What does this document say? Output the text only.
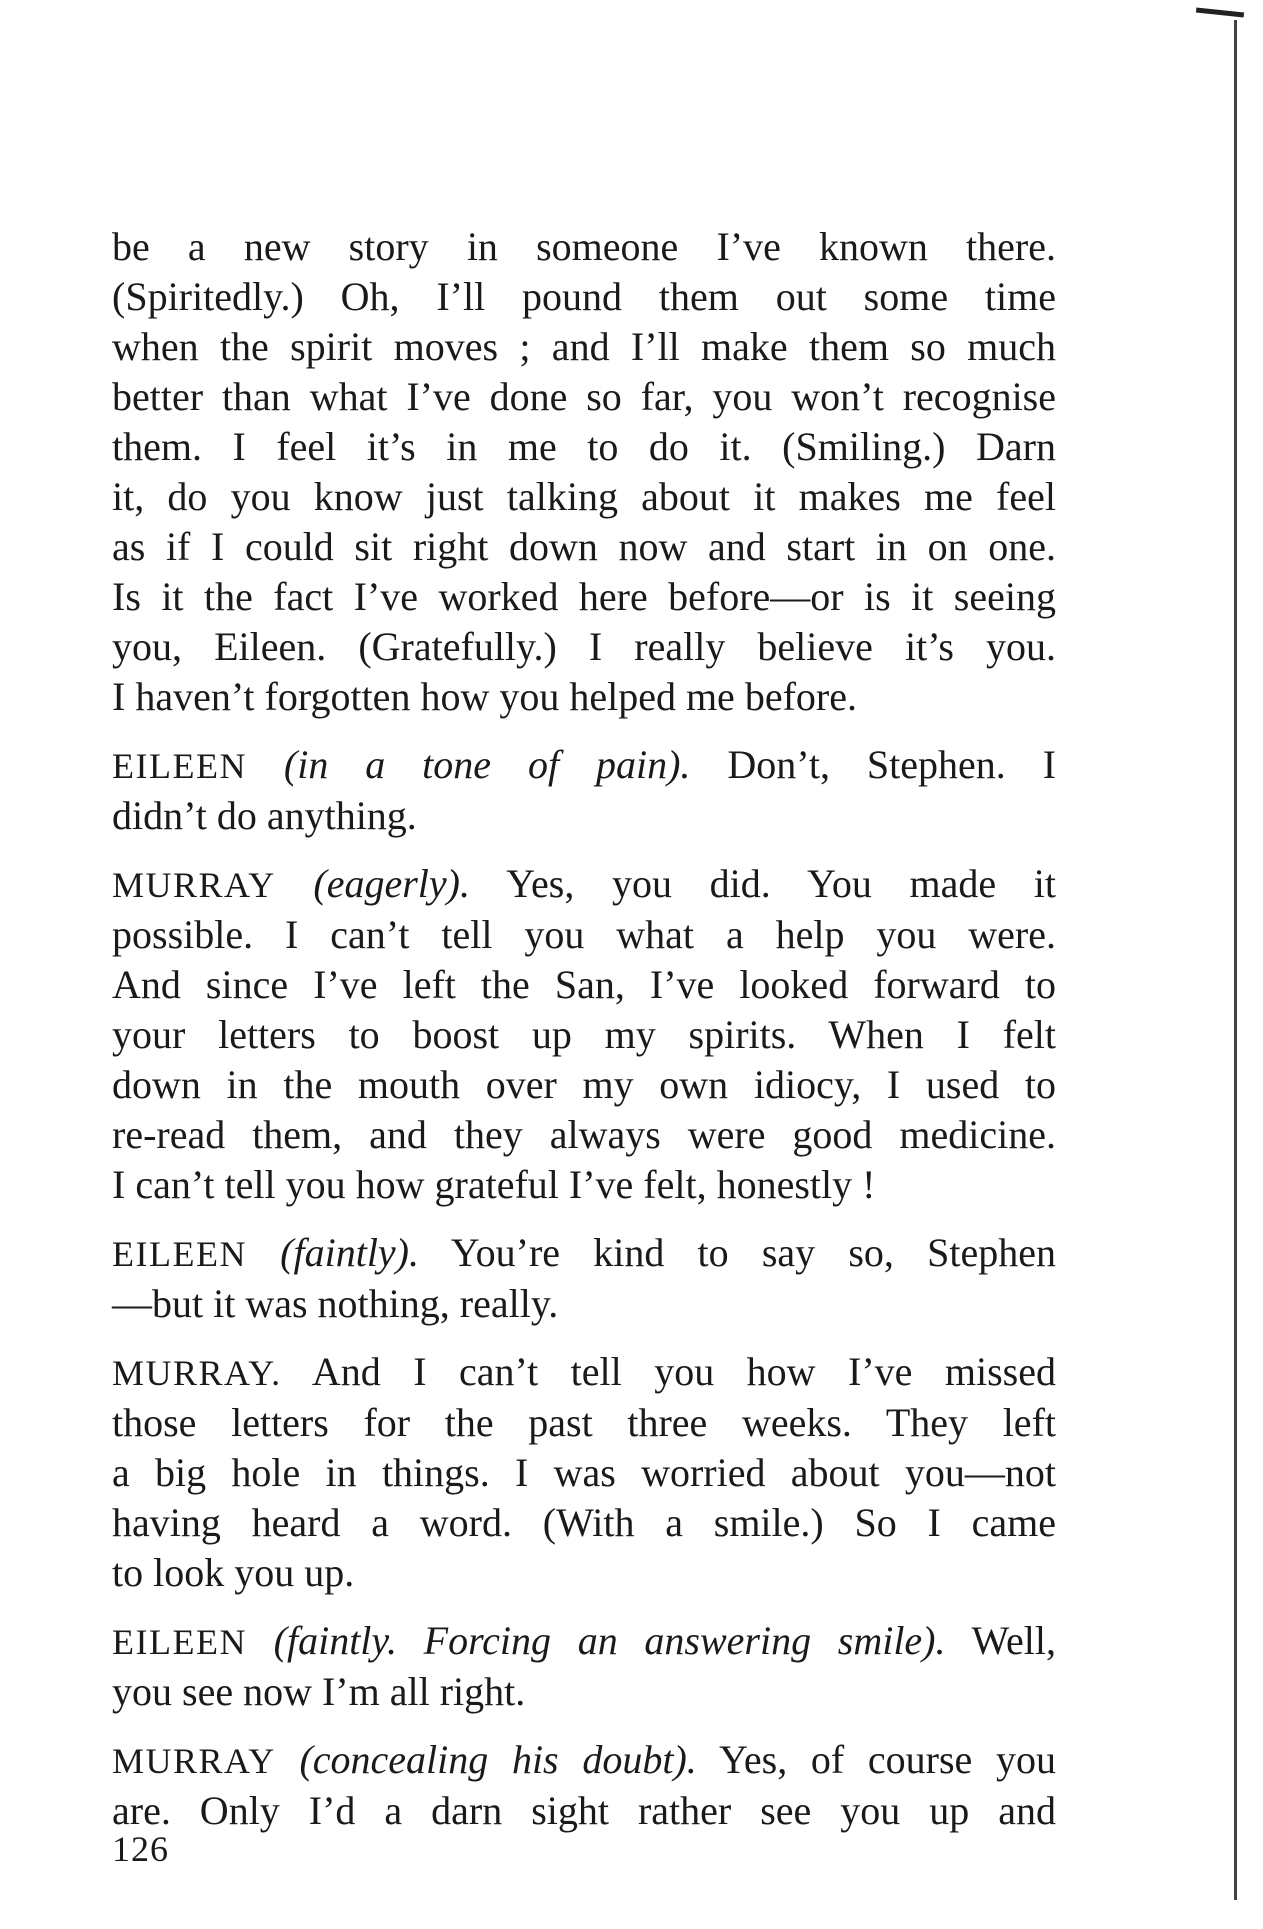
be a new story in someone I’ve known there.
(Spiritedly.) Oh, I’ll pound them out some time
when the spirit moves ; and I’ll make them so much
better than what I’ve done so far, you won’t recognise
them. I feel it’s in me to do it. (Smiling.) Darn
it, do you know just talking about it makes me feel
as if I could sit right down now and start in on one.
Is it the fact I’ve worked here before—or is it seeing
you, Eileen. (Gratefully.) I really believe it’s you.
I haven’t forgotten how you helped me before.

EILEEN (in a tone of pain). Don’t, Stephen. I
didn’t do anything.

MURRAY (eagerly). Yes, you did. You made it
possible. I can’t tell you what a help you were.
And since I’ve left the San, I’ve looked forward to
your letters to boost up my spirits. When I felt
down in the mouth over my own idiocy, I used to
re-read them, and they always were good medicine.
I can’t tell you how grateful I’ve felt, honestly !

EILEEN (faintly). You’re kind to say so, Stephen
—but it was nothing, really.

MURRAY. And I can’t tell you how I’ve missed
those letters for the past three weeks. They left
a big hole in things. I was worried about you—not
having heard a word. (With a smile.) So I came
to look you up.

EILEEN (faintly. Forcing an answering smile). Well,
you see now I’m all right.

MURRAY (concealing his doubt). Yes, of course you
are. Only I’d a darn sight rather see you up and

126
